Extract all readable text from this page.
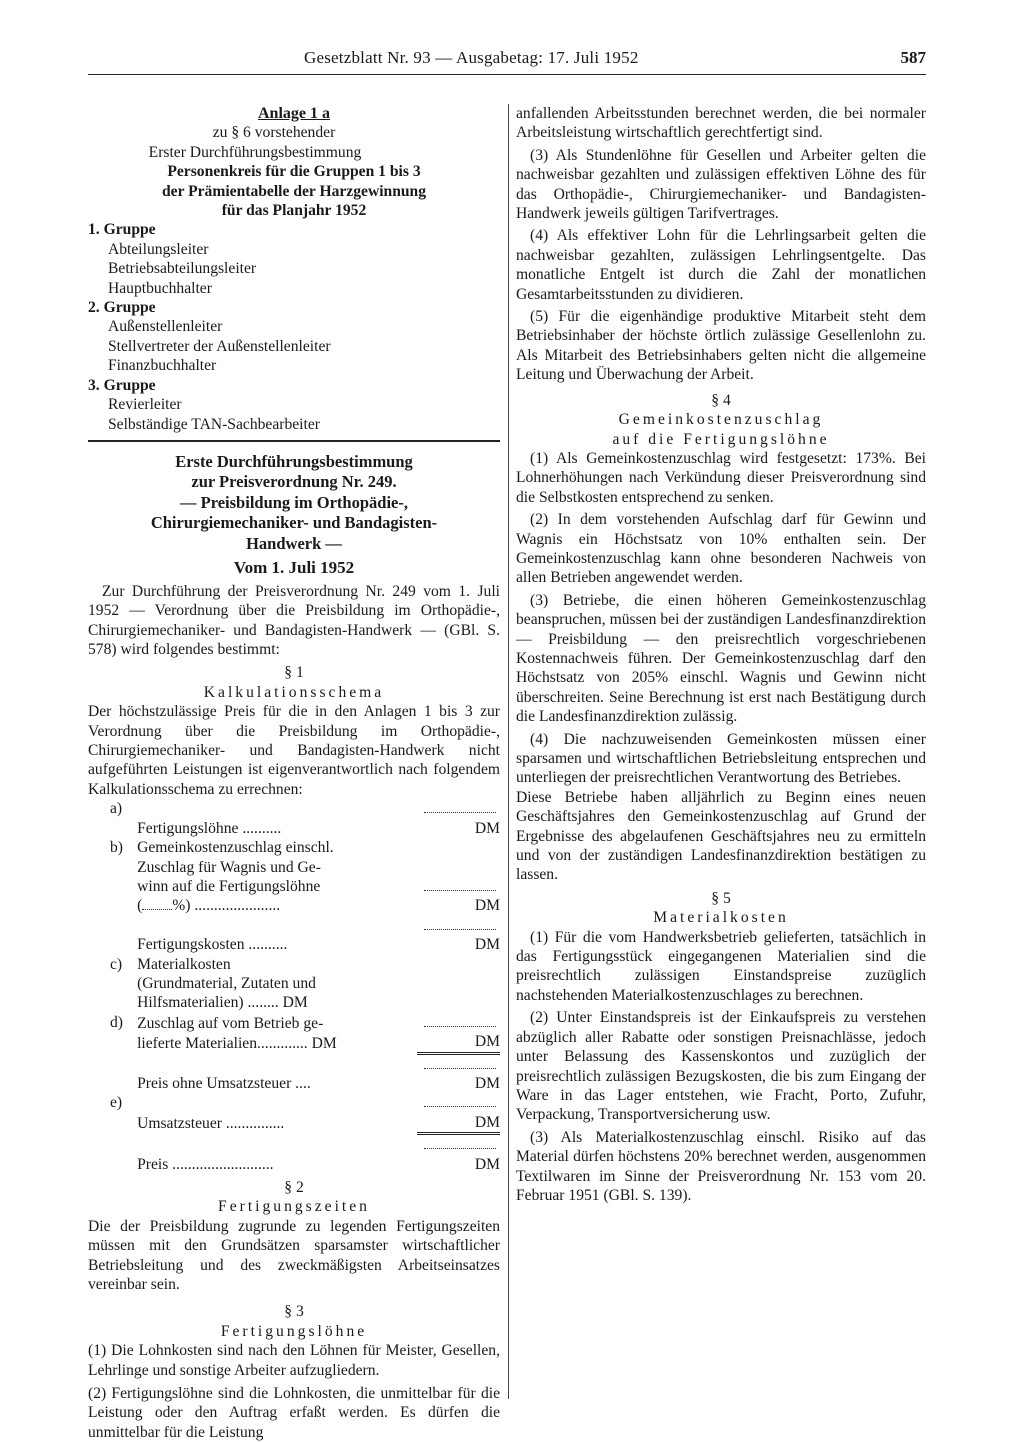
Gesetzblatt Nr. 93 — Ausgabetag: 17. Juli 1952	587
Anlage 1 a
zu § 6 vorstehender
Erster Durchführungsbestimmung
Personenkreis für die Gruppen 1 bis 3
der Prämientabelle der Harzgewinnung
für das Planjahr 1952
1. Gruppe
Abteilungsleiter
Betriebsabteilungsleiter
Hauptbuchhalter
2. Gruppe
Außenstellenleiter
Stellvertreter der Außenstellenleiter
Finanzbuchhalter
3. Gruppe
Revierleiter
Selbständige TAN-Sachbearbeiter
Erste Durchführungsbestimmung
zur Preisverordnung Nr. 249.
— Preisbildung im Orthopädie-,
Chirurgiemechaniker- und Bandagisten-
Handwerk —
Vom 1. Juli 1952

Zur Durchführung der Preisverordnung Nr. 249 vom 1. Juli 1952 — Verordnung über die Preisbildung im Orthopädie-, Chirurgiemechaniker- und Bandagisten-Handwerk — (GBl. S. 578) wird folgendes bestimmt:

§ 1
Kalkulationsschema

Der höchstzulässige Preis für die in den Anlagen 1 bis 3 zur Verordnung über die Preisbildung im Orthopädie-, Chirurgiemechaniker- und Bandagisten-Handwerk nicht aufgeführten Leistungen ist eigenverantwortlich nach folgendem Kalkulationsschema zu errechnen:

a)	Fertigungslöhne ..........	DM
b)	Gemeinkostenzuschlag einschl.
Zuschlag für Wagnis und Ge-
winn auf die Fertigungslöhne
( %) ......................	DM
	Fertigungskosten ..........	DM
c)	Materialkosten
(Grundmaterial, Zutaten und
Hilfsmaterialien) ........ DM	

d)	Zuschlag auf vom Betrieb ge-
lieferte Materialien............. DM	DM
	Preis ohne Umsatzsteuer ....	DM
e)	Umsatzsteuer ...............	DM
	Preis ..........................	DM
§ 2
Fertigungszeiten

Die der Preisbildung zugrunde zu legenden Fertigungszeiten müssen mit den Grundsätzen sparsamster wirtschaftlicher Betriebsleitung und des zweckmäßigsten Arbeitseinsatzes vereinbar sein.

§ 3
Fertigungslöhne

(1) Die Lohnkosten sind nach den Löhnen für Meister, Gesellen, Lehrlinge und sonstige Arbeiter aufzugliedern.

(2) Fertigungslöhne sind die Lohnkosten, die unmittelbar für die Leistung oder den Auftrag erfaßt werden. Es dürfen die unmittelbar für die Leistung

anfallenden Arbeitsstunden berechnet werden, die bei normaler Arbeitsleistung wirtschaftlich gerechtfertigt sind.

(3) Als Stundenlöhne für Gesellen und Arbeiter gelten die nachweisbar gezahlten und zulässigen effektiven Löhne des für das Orthopädie-, Chirurgiemechaniker- und Bandagisten-Handwerk jeweils gültigen Tarifvertrages.

(4) Als effektiver Lohn für die Lehrlingsarbeit gelten die nachweisbar gezahlten, zulässigen Lehrlingsentgelte. Das monatliche Entgelt ist durch die Zahl der monatlichen Gesamtarbeitsstunden zu dividieren.

(5) Für die eigenhändige produktive Mitarbeit steht dem Betriebsinhaber der höchste örtlich zulässige Gesellenlohn zu. Als Mitarbeit des Betriebsinhabers gelten nicht die allgemeine Leitung und Überwachung der Arbeit.

§ 4
Gemeinkostenzuschlag
auf die Fertigungslöhne

(1) Als Gemeinkostenzuschlag wird festgesetzt: 173%. Bei Lohnerhöhungen nach Verkündung dieser Preisverordnung sind die Selbstkosten entsprechend zu senken.

(2) In dem vorstehenden Aufschlag darf für Gewinn und Wagnis ein Höchstsatz von 10% enthalten sein. Der Gemeinkostenzuschlag kann ohne besonderen Nachweis von allen Betrieben angewendet werden.

(3) Betriebe, die einen höheren Gemeinkostenzuschlag beanspruchen, müssen bei der zuständigen Landesfinanzdirektion — Preisbildung — den preisrechtlich vorgeschriebenen Kostennachweis führen. Der Gemeinkostenzuschlag darf den Höchstsatz von 205% einschl. Wagnis und Gewinn nicht überschreiten. Seine Berechnung ist erst nach Bestätigung durch die Landesfinanzdirektion zulässig.

(4) Die nachzuweisenden Gemeinkosten müssen einer sparsamen und wirtschaftlichen Betriebsleitung entsprechen und unterliegen der preisrechtlichen Verantwortung des Betriebes.

Diese Betriebe haben alljährlich zu Beginn eines neuen Geschäftsjahres den Gemeinkostenzuschlag auf Grund der Ergebnisse des abgelaufenen Geschäftsjahres neu zu ermitteln und von der zuständigen Landesfinanzdirektion bestätigen zu lassen.

§ 5
Materialkosten

(1) Für die vom Handwerksbetrieb gelieferten, tatsächlich in das Fertigungsstück eingegangenen Materialien sind die preisrechtlich zulässigen Einstandspreise zuzüglich nachstehenden Materialkostenzuschlages zu berechnen.

(2) Unter Einstandspreis ist der Einkaufspreis zu verstehen abzüglich aller Rabatte oder sonstigen Preisnachlässe, jedoch unter Belassung des Kassenskontos und zuzüglich der preisrechtlich zulässigen Bezugskosten, die bis zum Eingang der Ware in das Lager entstehen, wie Fracht, Porto, Zufuhr, Verpackung, Transportversicherung usw.

(3) Als Materialkostenzuschlag einschl. Risiko auf das Material dürfen höchstens 20% berechnet werden, ausgenommen Textilwaren im Sinne der Preisverordnung Nr. 153 vom 20. Februar 1951 (GBl. S. 139).
